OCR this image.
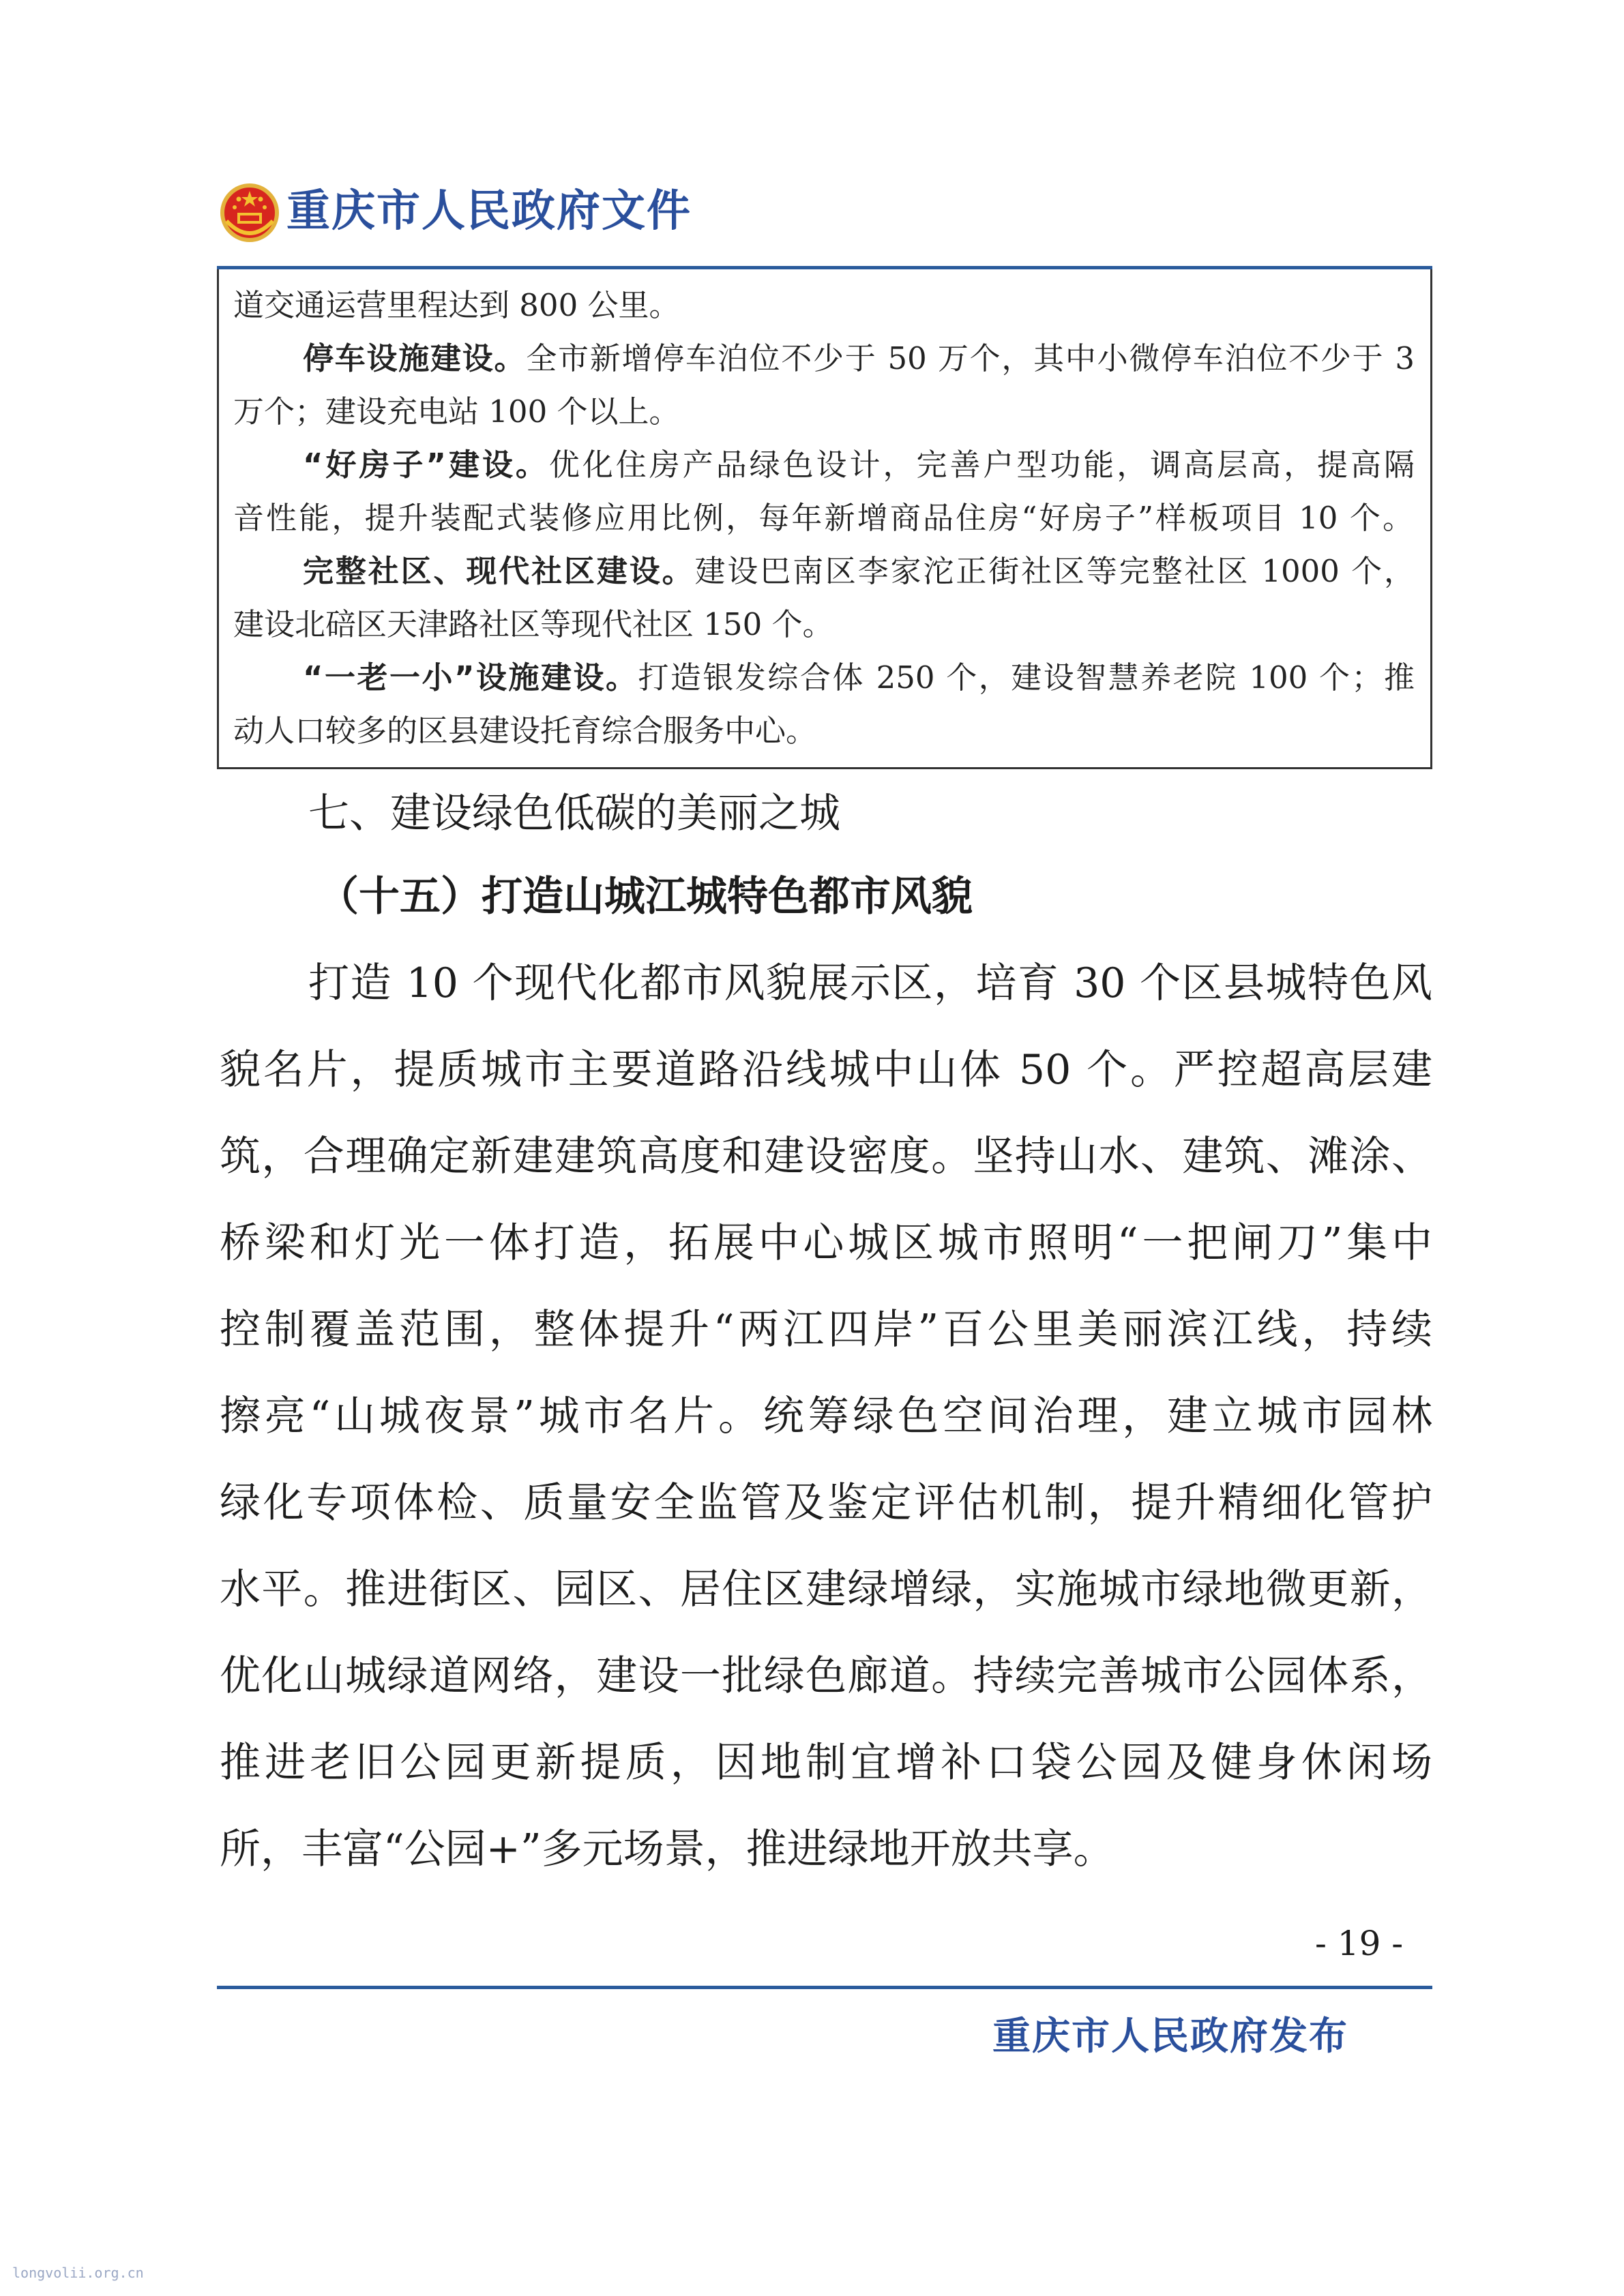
重庆市人民政府文件
道交通运营里程达到 800 公里。
停车设施建设。全市新增停车泊位不少于 50 万个，其中小微停车泊位不少于 3
万个；建设充电站 100 个以上。
“好房子”建设。优化住房产品绿色设计，完善户型功能，调高层高，提高隔
音性能，提升装配式装修应用比例，每年新增商品住房“好房子”样板项目 10 个。
完整社区、现代社区建设。建设巴南区李家沱正街社区等完整社区 1000 个，
建设北碚区天津路社区等现代社区 150 个。
“一老一小”设施建设。打造银发综合体 250 个，建设智慧养老院 100 个；推
动人口较多的区县建设托育综合服务中心。
七、建设绿色低碳的美丽之城
（十五）打造山城江城特色都市风貌
打造 10 个现代化都市风貌展示区，培育 30 个区县城特色风
貌名片，提质城市主要道路沿线城中山体 50 个。严控超高层建
筑，合理确定新建建筑高度和建设密度。坚持山水、建筑、滩涂、
桥梁和灯光一体打造，拓展中心城区城市照明“一把闸刀”集中
控制覆盖范围，整体提升“两江四岸”百公里美丽滨江线，持续
擦亮“山城夜景”城市名片。统筹绿色空间治理，建立城市园林
绿化专项体检、质量安全监管及鉴定评估机制，提升精细化管护
水平。推进街区、园区、居住区建绿增绿，实施城市绿地微更新，
优化山城绿道网络，建设一批绿色廊道。持续完善城市公园体系，
推进老旧公园更新提质，因地制宜增补口袋公园及健身休闲场
所，丰富“公园+”多元场景，推进绿地开放共享。
- 19 -
重庆市人民政府发布
longvolii.org.cn
